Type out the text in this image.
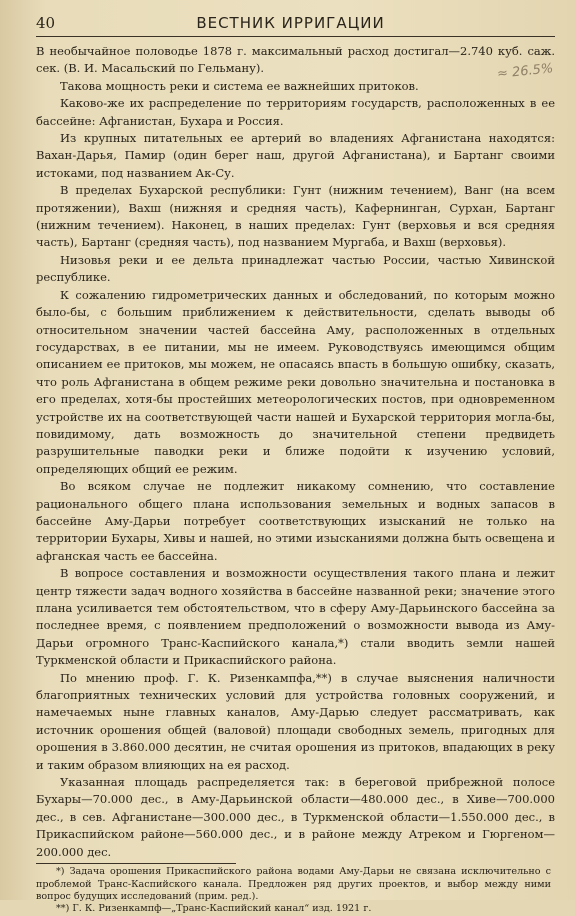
40	ВЕСТНИК ИРРИГАЦИИ
≈ 26.5%

В необычайное половодье 1878 г. максимальный расход достигал—2.740 куб. саж. сек. (В. И. Масальский по Гельману).

Такова мощность реки и система ее важнейших притоков.

Каково-же их распределение по территориям государств, расположенных в ее бассейне: Афганистан, Бухара и Россия.

Из крупных питательных ее артерий во владениях Афганистана находятся: Вахан-Дарья, Памир (один берег наш, другой Афганистана), и Бартанг своими истоками, под названием Ак-Су.

В пределах Бухарской республики: Гунт (нижним течением), Ванг (на всем протяжении), Вахш (нижняя и средняя часть), Кафернинган, Сурхан, Бартанг (нижним течением). Наконец, в наших пределах: Гунт (верховья и вся средняя часть), Бартанг (средняя часть), под названием Мургаба, и Вахш (верховья).

Низовья реки и ее дельта принадлежат частью России, частью Хивинской республике.

К сожалению гидрометрических данных и обследований, по которым можно было-бы, с большим приближением к действительности, сделать выводы об относительном значении частей бассейна Аму, расположенных в отдельных государствах, в ее питании, мы не имеем. Руководствуясь имеющимся общим описанием ее притоков, мы можем, не опасаясь впасть в большую ошибку, сказать, что роль Афганистана в общем режиме реки довольно значительна и постановка в его пределах, хотя-бы простейших метеорологических постов, при одновременном устройстве их на соответствующей части нашей и Бухарской территория могла-бы, повидимому, дать возможность до значительной степени предвидеть разрушительные паводки реки и ближе подойти к изучению условий, определяющих общий ее режим.

Во всяком случае не подлежит никакому сомнению, что составление рационального общего плана использования земельных и водных запасов в бассейне Аму-Дарьи потребует соответствующих изысканий не только на территории Бухары, Хивы и нашей, но этими изысканиями должна быть освещена и афганская часть ее бассейна.

В вопросе составления и возможности осуществления такого плана и лежит центр тяжести задач водного хозяйства в бассейне названной реки; значение этого плана усиливается тем обстоятельством, что в сферу Аму-Дарьинского бассейна за последнее время, с появлением предположений о возможности вывода из Аму-Дарьи огромного Транс-Каспийского канала,*) стали вводить земли нашей Туркменской области и Прикаспийского района.

По мнению проф. Г. К. Ризенкампфа,**) в случае выяснения наличности благоприятных технических условий для устройства головных сооружений, и намечаемых ныне главных каналов, Аму-Дарью следует рассматривать, как источник орошения общей (валовой) площади свободных земель, пригодных для орошения в 3.860.000 десятин, не считая орошения из притоков, впадающих в реку и таким образом влияющих на ея расход.

Указанная площадь распределяется так: в береговой прибрежной полосе Бухары—70.000 дес., в Аму-Дарьинской области—480.000 дес., в Хиве—700.000 дес., в сев. Афганистане—300.000 дес., в Туркменской области—1.550.000 дес., в Прикаспийском районе—560.000 дес., и в районе между Атреком и Гюргеном—200.000 дес.

*) Задача орошения Прикаспийского района водами Аму-Дарьи не связана исключительно с проблемой Транс-Каспийского канала. Предложен ряд других проектов, и выбор между ними вопрос будущих исследований (прим. ред.).

**) Г. К. Ризенкампф—„Транс-Каспийский канал“ изд. 1921 г.
